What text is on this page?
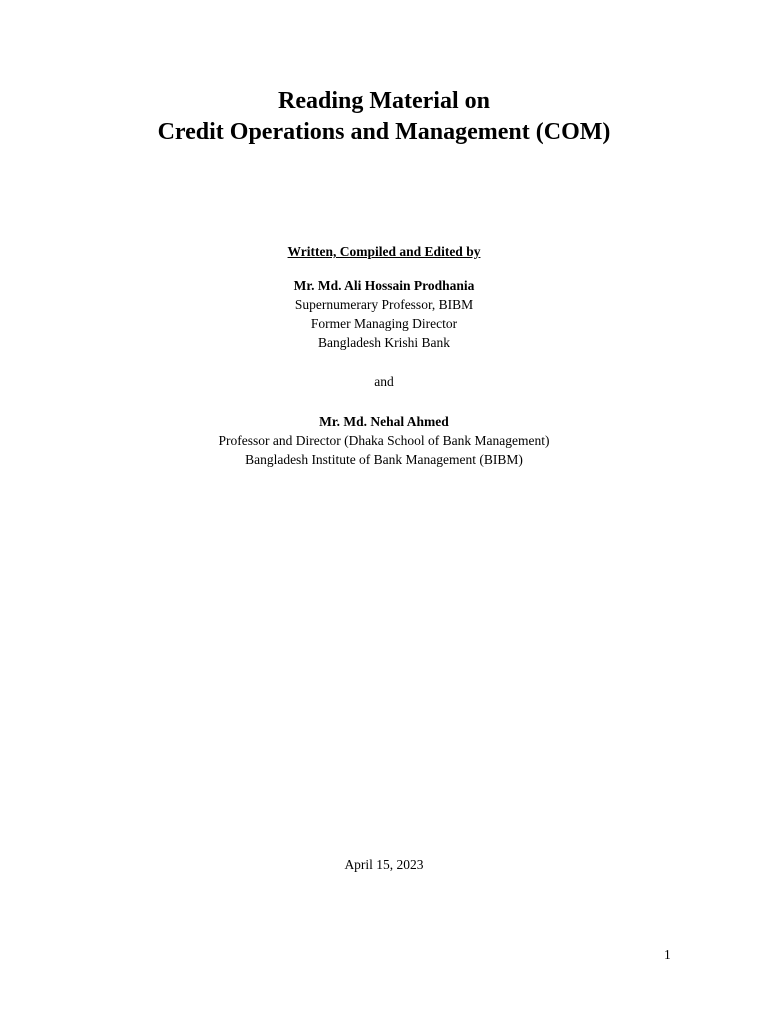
Reading Material on
Credit Operations and Management (COM)
Written, Compiled and Edited by
Mr. Md. Ali Hossain Prodhania
Supernumerary Professor, BIBM
Former Managing Director
Bangladesh Krishi Bank
and
Mr. Md. Nehal Ahmed
Professor and Director (Dhaka School of Bank Management)
Bangladesh Institute of Bank Management (BIBM)
April 15, 2023
1
